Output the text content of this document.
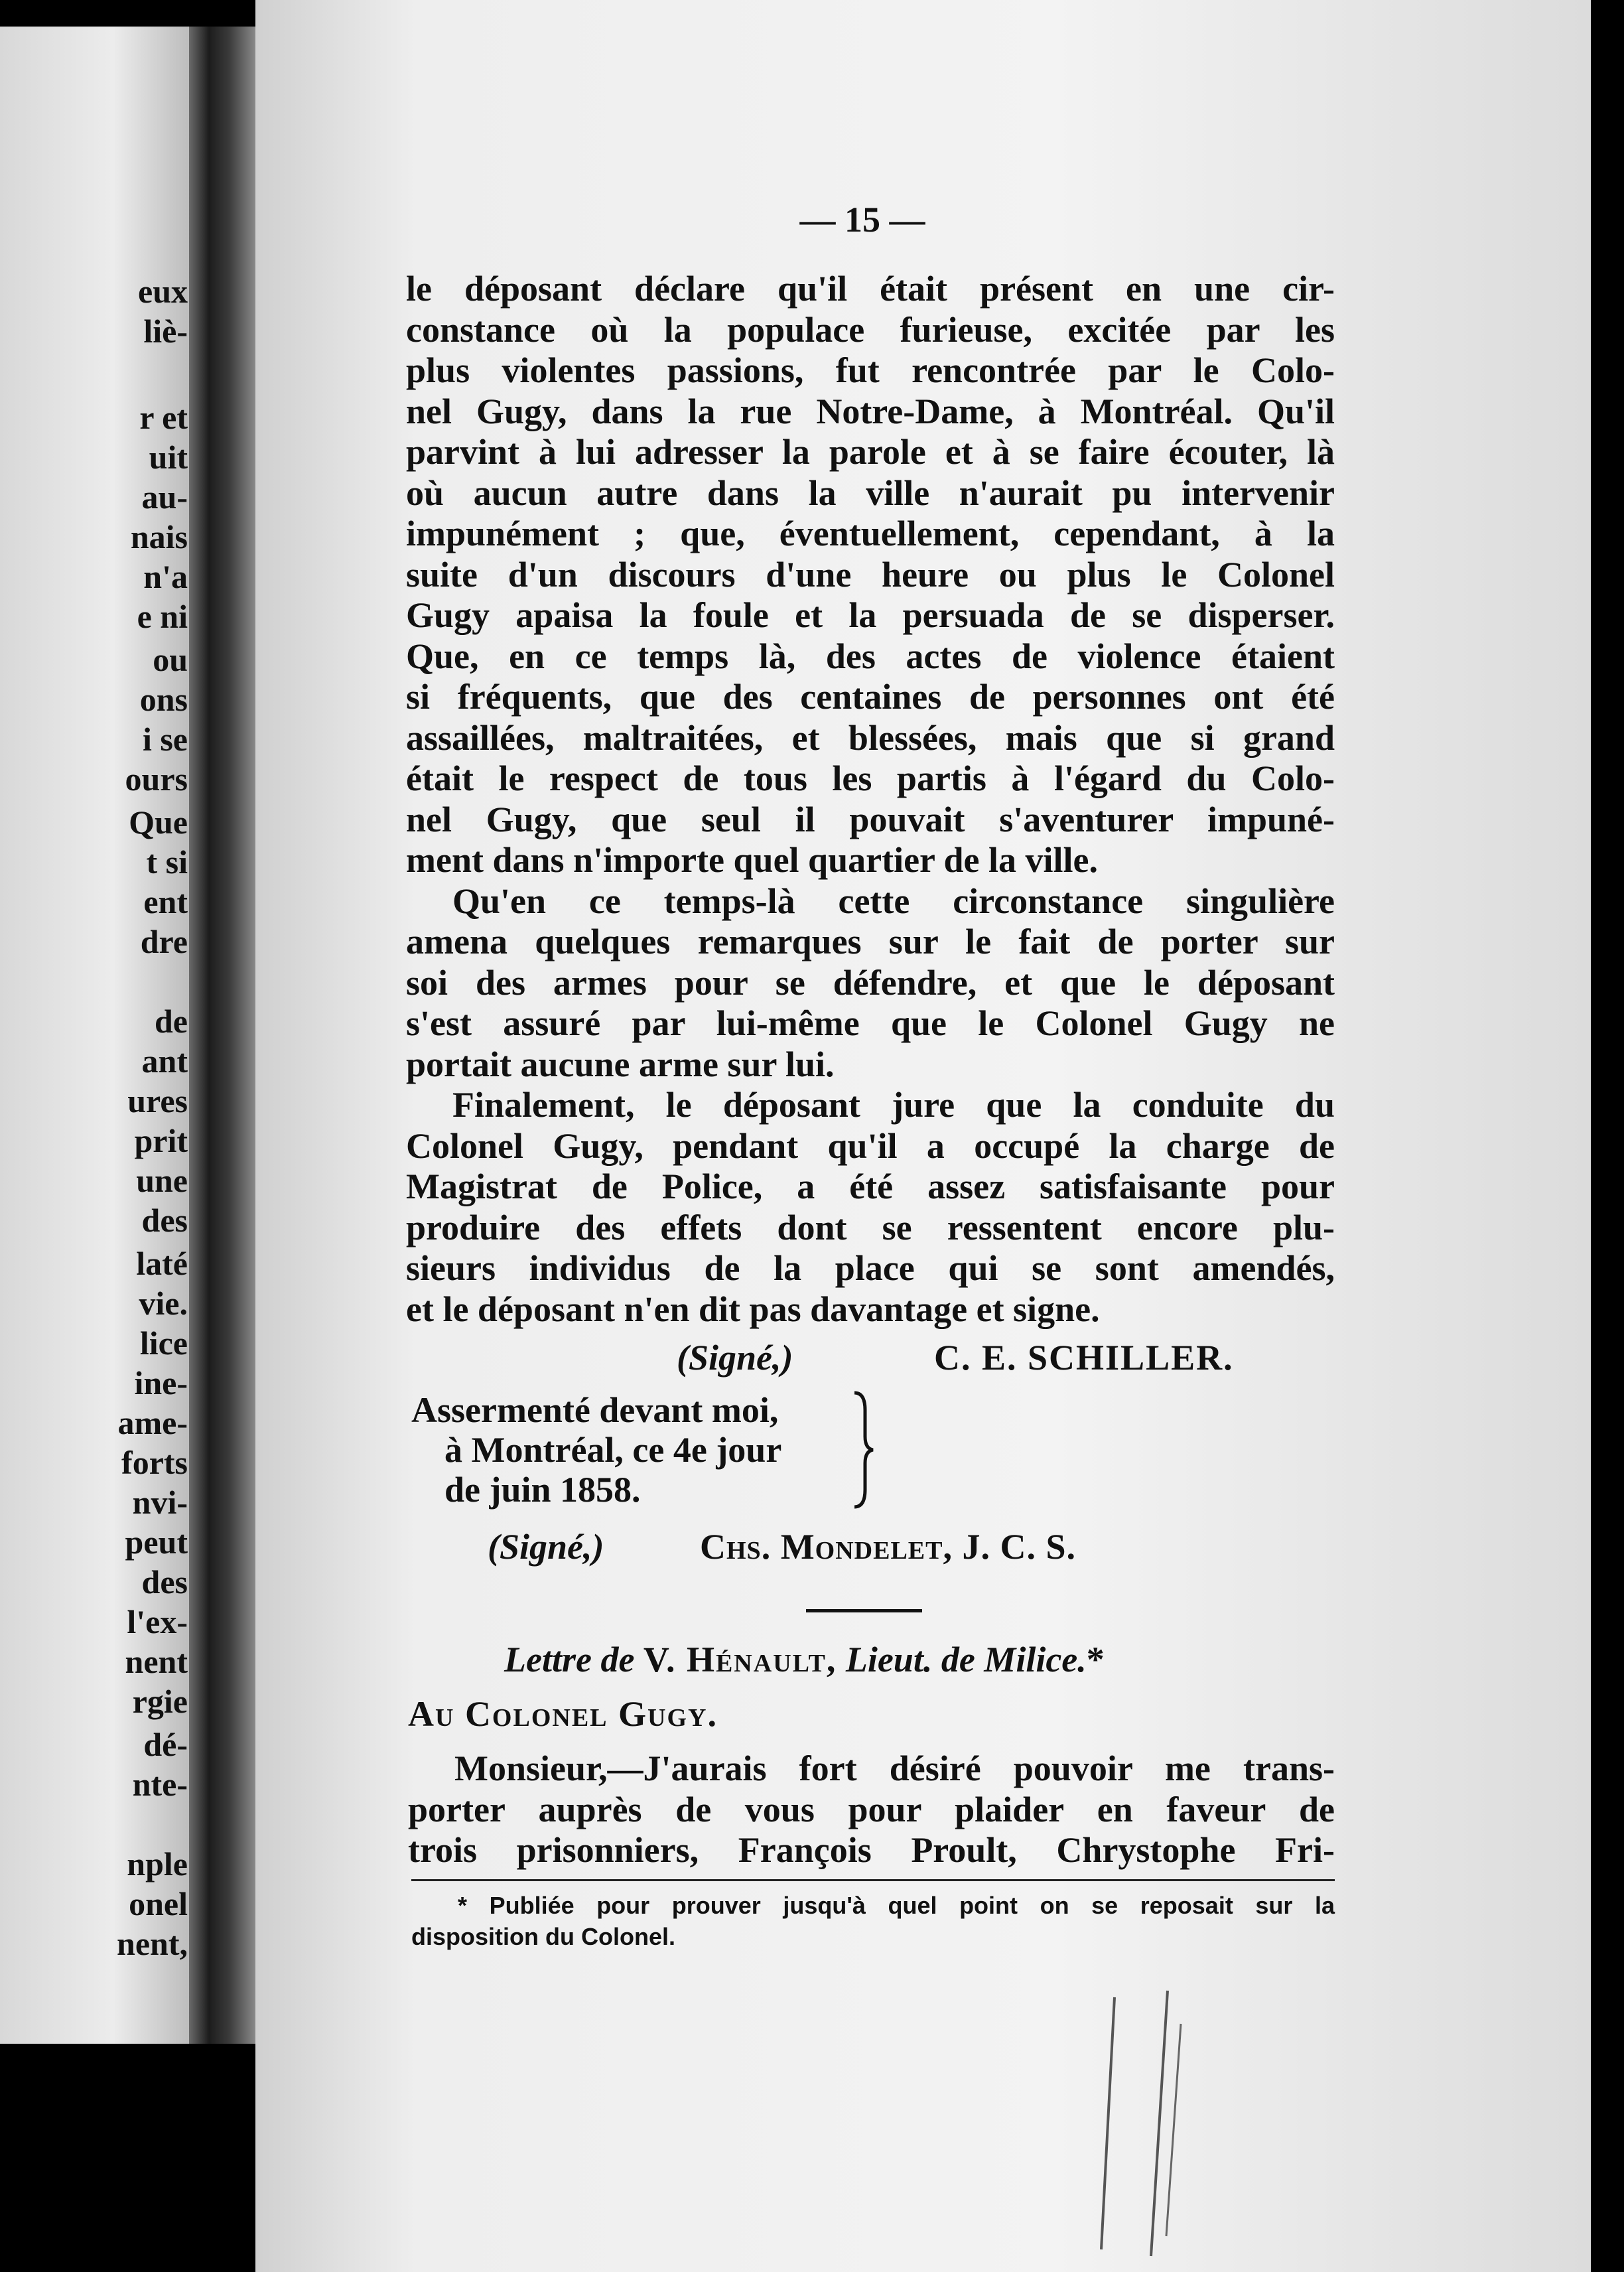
eux
liè-
r et
uit
au-
nais
n'a
e ni
ou
ons
i se
ours
Que
t si
ent
dre
de
ant
ures
prit
une
des
laté
vie.
lice
ine-
ame-
forts
nvi-
peut
des
l'ex-
nent
rgie
dé-
nte-
nple
onel
nent,
— 15 —
le déposant déclare qu'il était présent en une cir-
constance où la populace furieuse, excitée par les
plus violentes passions, fut rencontrée par le Colo-
nel Gugy, dans la rue Notre-Dame, à Montréal. Qu'il
parvint à lui adresser la parole et à se faire écouter, là
où aucun autre dans la ville n'aurait pu intervenir
impunément ; que, éventuellement, cependant, à la
suite d'un discours d'une heure ou plus le Colonel
Gugy apaisa la foule et la persuada de se disperser.
Que, en ce temps là, des actes de violence étaient
si fréquents, que des centaines de personnes ont été
assaillées, maltraitées, et blessées, mais que si grand
était le respect de tous les partis à l'égard du Colo-
nel Gugy, que seul il pouvait s'aventurer impuné-
ment dans n'importe quel quartier de la ville.
Qu'en ce temps-là cette circonstance singulière
amena quelques remarques sur le fait de porter sur
soi des armes pour se défendre, et que le déposant
s'est assuré par lui-même que le Colonel Gugy ne
portait aucune arme sur lui.
Finalement, le déposant jure que la conduite du
Colonel Gugy, pendant qu'il a occupé la charge de
Magistrat de Police, a été assez satisfaisante pour
produire des effets dont se ressentent encore plu-
sieurs individus de la place qui se sont amendés,
et le déposant n'en dit pas davantage et signe.
(Signé,)	C. E. SCHILLER.
Assermenté devant moi,
à Montréal, ce 4e jour
de juin 1858.
(Signé,)	Chs. Mondelet, J. C. S.
Lettre de V. Hénault, Lieut. de Milice.*
Au Colonel Gugy.
Monsieur,—J'aurais fort désiré pouvoir me trans-
porter auprès de vous pour plaider en faveur de
trois prisonniers, François Proult, Chrystophe Fri-
* Publiée pour prouver jusqu'à quel point on se reposait sur la
disposition du Colonel.
